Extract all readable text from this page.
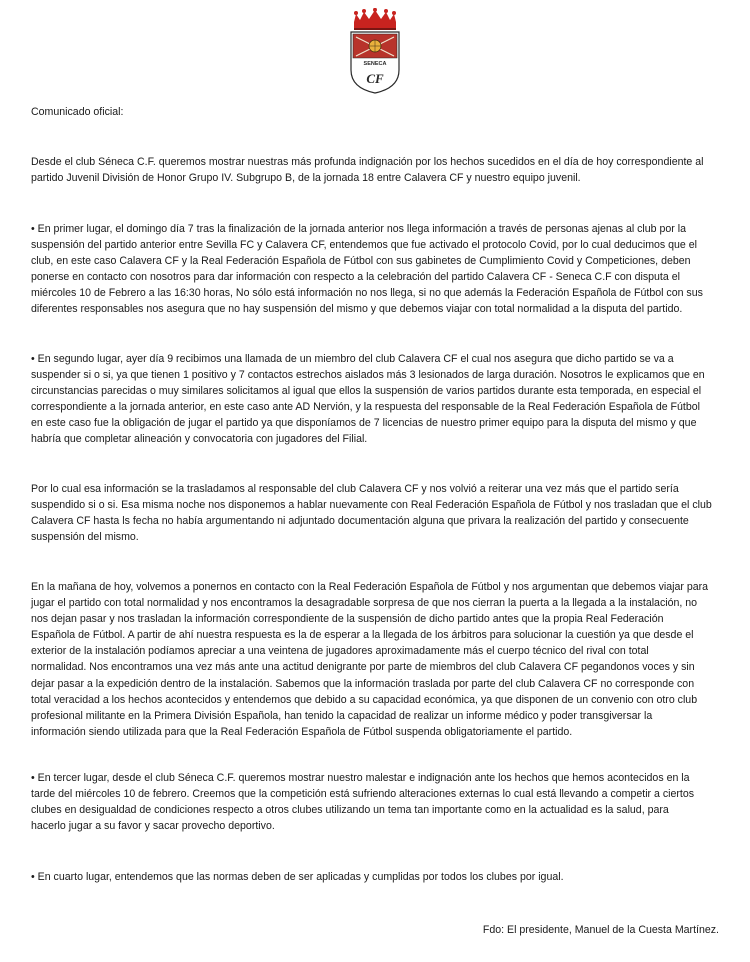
SENECA
CF

Comunicado oficial:

Desde el club Séneca C.F. queremos mostrar nuestras más profunda indignación por los hechos sucedidos en el día de hoy correspondiente al
partido Juvenil División de Honor Grupo IV. Subgrupo B, de la jornada 18 entre Calavera CF y nuestro equipo juvenil.

• En primer lugar, el domingo día 7 tras la finalización de la jornada anterior nos llega información a través de personas ajenas al club por la
suspensión del partido anterior entre Sevilla FC y Calavera CF, entendemos que fue activado el protocolo Covid, por lo cual deducimos que el
club, en este caso Calavera CF y la Real Federación Española de Fútbol con sus gabinetes de Cumplimiento Covid y Competiciones, deben
ponerse en contacto con nosotros para dar información con respecto a la celebración del partido Calavera CF - Seneca C.F con disputa el
miércoles 10 de Febrero a las 16:30 horas, No sólo está información no nos llega, si no que además la Federación Española de Fútbol con sus
diferentes responsables nos asegura que no hay suspensión del mismo y que debemos viajar con total normalidad a la disputa del partido.

• En segundo lugar, ayer día 9 recibimos una llamada de un miembro del club Calavera CF el cual nos asegura que dicho partido se va a
suspender si o si, ya que tienen 1 positivo y 7 contactos estrechos aislados más 3 lesionados de larga duración. Nosotros le explicamos que en
circunstancias parecidas o muy similares solicitamos al igual que ellos la suspensión de varios partidos durante esta temporada, en especial el
correspondiente a la jornada anterior, en este caso ante AD Nervión, y la respuesta del responsable de la Real Federación Española de Fútbol
en este caso fue la obligación de jugar el partido ya que disponíamos de 7 licencias de nuestro primer equipo para la disputa del mismo y que
habría que completar alineación y convocatoria con jugadores del Filial.

Por lo cual esa información se la trasladamos al responsable del club Calavera CF y nos volvió a reiterar una vez más que el partido sería
suspendido si o si. Esa misma noche nos disponemos a hablar nuevamente con Real Federación Española de Fútbol y nos trasladan que el club
Calavera CF hasta ls fecha no había argumentando ni adjuntado documentación alguna que privara la realización del partido y consecuente
suspensión del mismo.

En la mañana de hoy, volvemos a ponernos en contacto con la Real Federación Española de Fútbol y nos argumentan que debemos viajar para
jugar el partido con total normalidad y nos encontramos la desagradable sorpresa de que nos cierran la puerta a la llegada a la instalación, no
nos dejan pasar y nos trasladan la información correspondiente de la suspensión de dicho partido antes que la propia Real Federación
Española de Fútbol. A partir de ahí nuestra respuesta es la de esperar a la llegada de los árbitros para solucionar la cuestión ya que desde el
exterior de la instalación podíamos apreciar a una veintena de jugadores aproximadamente más el cuerpo técnico del rival con total
normalidad. Nos encontramos una vez más ante una actitud denigrante por parte de miembros del club Calavera CF pegandonos voces y sin
dejar pasar a la expedición dentro de la instalación. Sabemos que la información traslada por parte del club Calavera CF no corresponde con
total veracidad a los hechos acontecidos y entendemos que debido a su capacidad económica, ya que disponen de un convenio con otro club
profesional militante en la Primera División Española, han tenido la capacidad de realizar un informe médico y poder transgiversar la
información siendo utilizada para que la Real Federación Española de Fútbol suspenda obligatoriamente el partido.

• En tercer lugar, desde el club Séneca C.F. queremos mostrar nuestro malestar e indignación ante los hechos que hemos acontecidos en la
tarde del miércoles 10 de febrero. Creemos que la competición está sufriendo alteraciones externas lo cual está llevando a competir a ciertos
clubes en desigualdad de condiciones respecto a otros clubes utilizando un tema tan importante como en la actualidad es la salud, para
hacerlo jugar a su favor y sacar provecho deportivo.

• En cuarto lugar, entendemos que las normas deben de ser aplicadas y cumplidas por todos los clubes por igual.

Fdo: El presidente, Manuel de la Cuesta Martínez.
